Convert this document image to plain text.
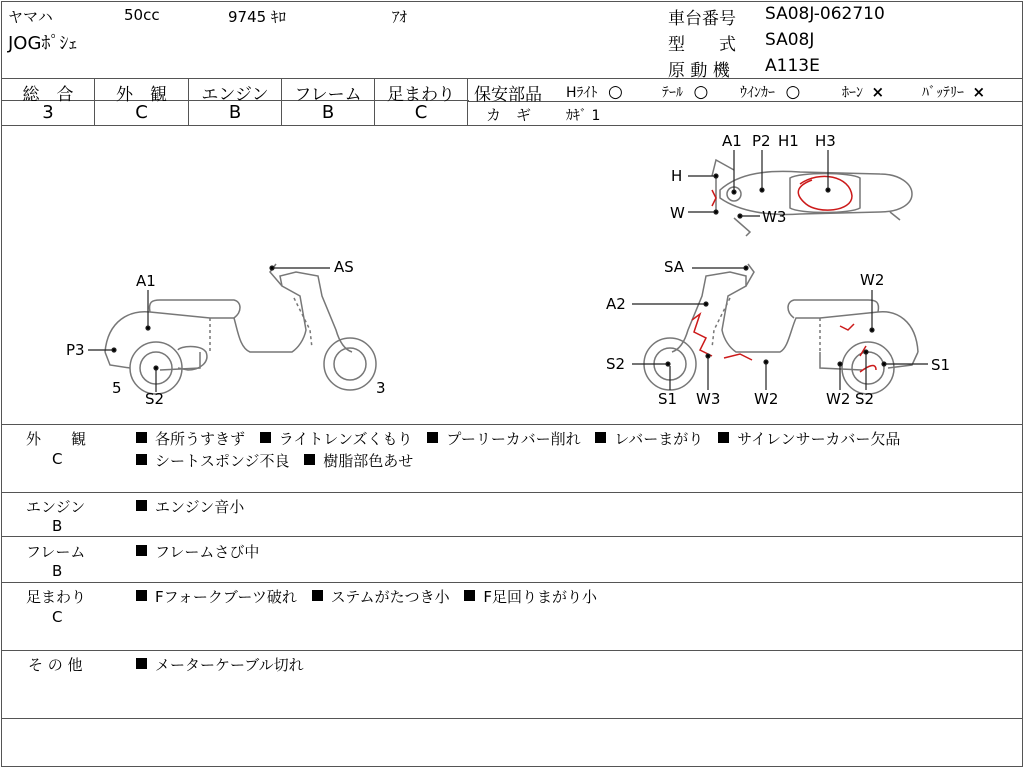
ヤマハ	50cc	9745 ｷﾛ	ｱｵ
JOGﾎﾟｼｪ
車台番号 SA08J-062710
型　　式 SA08J
原 動 機 A113E
総　合
3
外　観
C
エンジン
B
フレーム
B
足まわり
C
保安部品 Hﾗｲﾄ ○	ﾃｰﾙ ○ ｳｲﾝｶｰ ○	ﾎｰﾝ ×	ﾊﾞｯﾃﾘｰ ×
カ　ギ ｶｷﾞ 1
A1
AS
P3
5
S2
3
SA
W2
A2
S2
S1 W3 W2	W2 S2
S1
A1 P2 H1 H3
H
W	W3
外　　観
C
各所うすきず ライトレンズくもり プーリーカバー削れ レバーまがり サイレンサーカバー欠品
シートスポンジ不良 樹脂部色あせ
エンジン
B
エンジン音小
フレーム
B
フレームさび中
足まわり
C
Fフォークブーツ破れ ステムがたつき小 F足回りまがり小
そ の 他	メーターケーブル切れ
